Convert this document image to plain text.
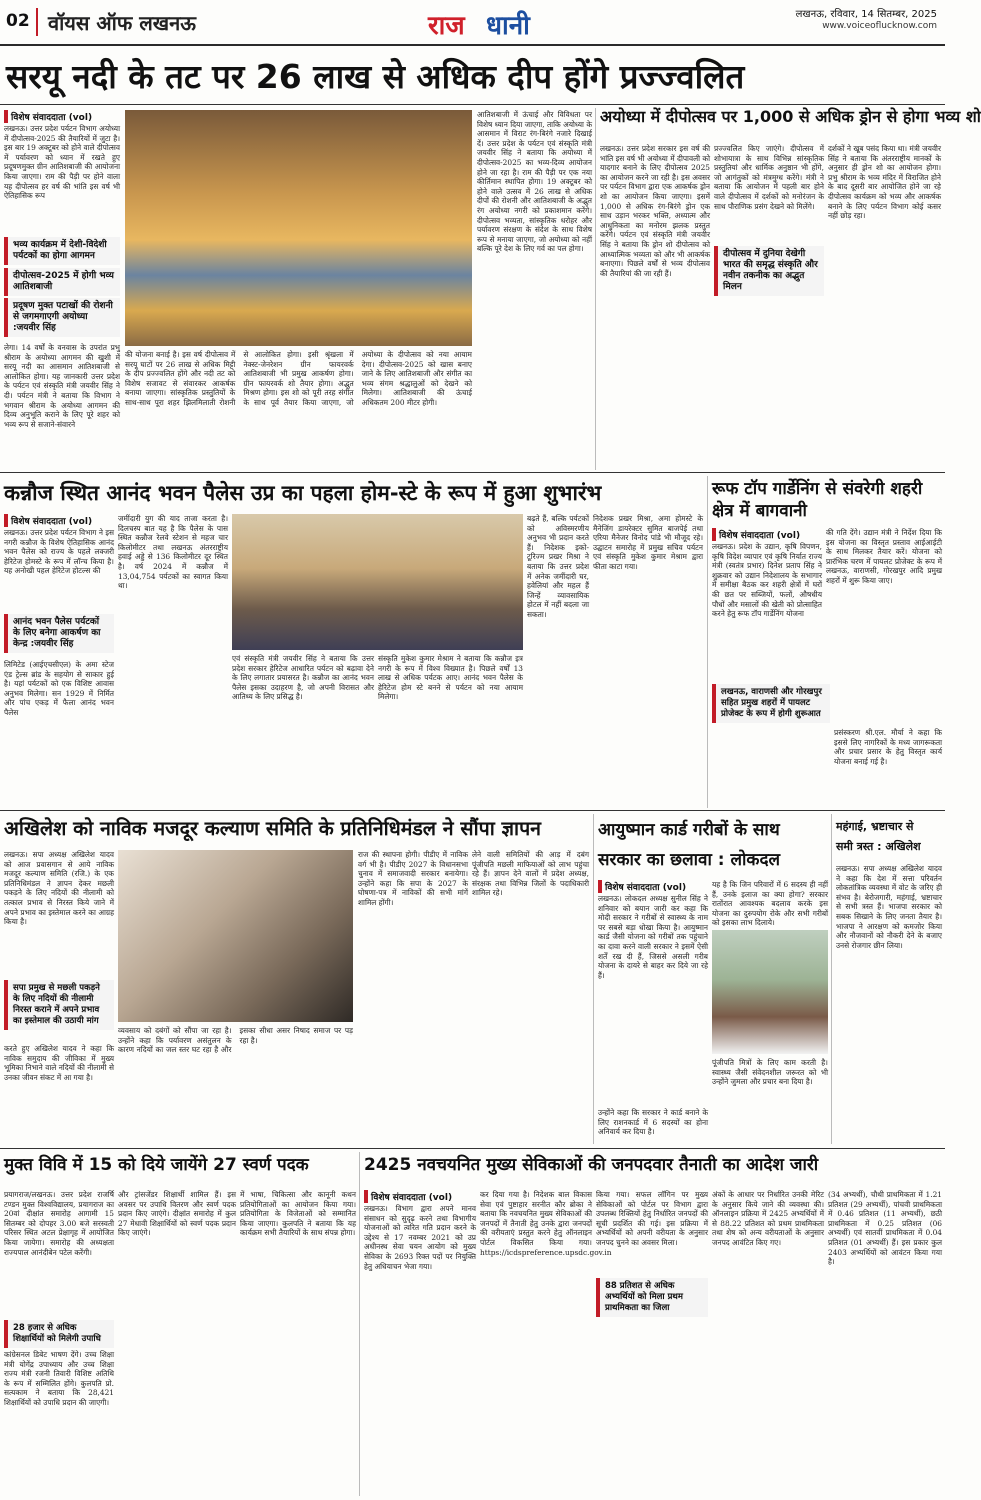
02 वॉयस ऑफ लखनऊ	राज धानी	लखनऊ, रविवार, 14 सितम्बर, 2025
www.voiceoflucknow.com
सरयू नदी के तट पर 26 लाख से अधिक दीप होंगे प्रज्ज्वलित
विशेष संवाददाता (vol)
लखनऊ। उत्तर प्रदेश पर्यटन विभाग अयोध्या में दीपोत्सव-2025 की तैयारियों में जुटा है। इस बार 19 अक्टूबर को होने वाले दीपोत्सव में पर्यावरण को ध्यान में रखते हुए प्रदूषणमुक्त ग्रीन आतिशबाजी की आयोजना किया जाएगा। राम की पैड़ी पर होने वाला यह दीपोत्सव हर वर्ष की भांति इस वर्ष भी ऐतिहासिक रूप
भव्य कार्यक्रम में देशी-विदेशी पर्यटकों का होगा आगमन
दीपोत्सव-2025 में होगी भव्य आतिशबाजी
प्रदूषण मुक्त पटाखों की रोशनी से जगमगाएगी अयोध्या :जयवीर सिंह
लेगा। 14 वर्षों के वनवास के उपरांत प्रभु श्रीराम के अयोध्या आगमन की खुशी में सरयू नदी का आसमान आतिशबाजी से आलोकित होगा। यह जानकारी उत्तर प्रदेश के पर्यटन एवं संस्कृति मंत्री जयवीर सिंह ने दी। पर्यटन मंत्री ने बताया कि विभाग ने भगवान श्रीराम के अयोध्या आगमन की दिव्य अनुभूति कराने के लिए पूरे शहर को भव्य रूप से सजाने-संवारने
की योजना बनाई है। इस वर्ष दीपोत्सव में सरयू घाटों पर 26 लाख से अधिक मिट्टी के दीप प्रज्ज्वलित होंगे और नदी तट को विशेष सजावट से संवारकर आकर्षक बनाया जाएगा। सांस्कृतिक प्रस्तुतियों के साथ-साथ पूरा शहर झिलमिलाती रोशनी से आलोकित होगा। इसी श्रृंखला में नेक्स्ट-जेनरेशन ग्रीन फायरवर्क आतिशबाजी भी प्रमुख आकर्षण होगा। ग्रीन फायरवर्क शो तैयार होगा। अद्भुत मिश्रण होगा। इस शो को पूरी तरह संगीत के साथ पूर्व तैयार किया जाएगा, जो अयोध्या के दीपोत्सव को नया आयाम देगा। दीपोत्सव-2025 को खास बनाए जाने के लिए आतिशबाजी और संगीत का भव्य संगम श्रद्धालुओं को देखने को मिलेगा। आतिशबाजी की ऊंचाई अधिकतम 200 मीटर होगी।
आतिशबाजी में ऊंचाई और विविधता पर विशेष ध्यान दिया जाएगा, ताकि अयोध्या के आसमान में विराट रंग-बिरंगे नजारे दिखाई दें। उत्तर प्रदेश के पर्यटन एवं संस्कृति मंत्री जयवीर सिंह ने बताया कि अयोध्या में दीपोत्सव-2025 का भव्य-दिव्य आयोजन होने जा रहा है। राम की पैड़ी पर एक नया कीर्तिमान स्थापित होगा। 19 अक्टूबर को होने वाले उत्सव में 26 लाख से अधिक दीपों की रोशनी और आतिशबाजी के अद्भुत रंग अयोध्या नगरी को प्रकाशमान करेंगे। दीपोत्सव भव्यता, सांस्कृतिक धरोहर और पर्यावरण संरक्षण के संदेश के साथ विशेष रूप से मनाया जाएगा, जो अयोध्या को नहीं बल्कि पूरे देश के लिए गर्व का पल होगा।
अयोध्या में दीपोत्सव पर 1,000 से अधिक ड्रोन से होगा भव्य शो
लखनऊ। उत्तर प्रदेश सरकार इस वर्ष की भांति इस वर्ष भी अयोध्या में दीपावली को यादगार बनाने के लिए दीपोत्सव 2025 का आयोजन करने जा रही है। इस अवसर पर पर्यटन विभाग द्वारा एक आकर्षक ड्रोन शो का आयोजन किया जाएगा। इसमें 1,000 से अधिक रंग-बिरंगे ड्रोन एक साथ उड़ान भरकर भक्ति, अध्यात्म और आधुनिकता का मनोरम झलक प्रस्तुत करेंगे। पर्यटन एवं संस्कृति मंत्री जयवीर सिंह ने बताया कि ड्रोन शो दीपोत्सव को आध्यात्मिक भव्यता को और भी आकर्षक बनाएगा। पिछले वर्षों से भव्य दीपोत्सव की तैयारियां की जा रही हैं।
प्रज्ज्वलित किए जाएंगे। दीपोत्सव में शोभायात्रा के साथ विभिन्न सांस्कृतिक प्रस्तुतियां और धार्मिक अनुष्ठान भी होंगे, जो आगंतुकों को मंत्रमुग्ध करेंगे। मंत्री ने बताया कि आयोजन में पहली बार होने वाले दीपोत्सव में दर्शकों को मनोरंजन के साथ पौराणिक प्रसंग देखने को मिलेंगे।
दीपोत्सव में दुनिया देखेगी भारत की समृद्ध संस्कृति और नवीन तकनीक का अद्भुत मिलन
दर्शकों ने खूब पसंद किया था। मंत्री जयवीर सिंह ने बताया कि अंतरराष्ट्रीय मानकों के अनुसार ही ड्रोन शो का आयोजन होगा। प्रभु श्रीराम के भव्य मंदिर में विराजित होने के बाद दूसरी बार आयोजित होने जा रहे दीपोत्सव कार्यक्रम को भव्य और आकर्षक बनाने के लिए पर्यटन विभाग कोई कसर नहीं छोड़ रहा।
कन्नौज स्थित आनंद भवन पैलेस उप्र का पहला होम-स्टे के रूप में हुआ शुभारंभ
विशेष संवाददाता (vol)
लखनऊ। उत्तर प्रदेश पर्यटन विभाग ने इस नगरी कन्नौज के विशेष ऐतिहासिक आनंद भवन पैलेस को राज्य के पहले लक्जरी हेरिटेज होमस्टे के रूप में लॉन्च किया है। यह अनोखी पहल हेरिटेज होटल्स की
आनंद भवन पैलेस पर्यटकों के लिए बनेगा आकर्षण का केन्द्र :जयवीर सिंह
लिमिटेड (आईएचसीएल) के अमा स्टेज एंड ट्रेल्स ब्रांड के सहयोग से साकार हुई है। यहां पर्यटकों को एक विशिष्ट आवास अनुभव मिलेगा। सन 1929 में निर्मित और पांच एकड़ में फैला आनंद भवन पैलेस
जमींदारी युग की याद ताजा करता है। दिलचस्प बात यह है कि पैलेस के पास स्थित कन्नौज रेलवे स्टेशन से महज चार किलोमीटर तथा लखनऊ अंतरराष्ट्रीय हवाई अड्डे से 136 किलोमीटर दूर स्थित है। वर्ष 2024 में कन्नौज में 13,04,754 पर्यटकों का स्वागत किया था।
एवं संस्कृति मंत्री जयवीर सिंह ने बताया कि उत्तर प्रदेश सरकार हेरिटेज आधारित पर्यटन को बढ़ावा देने के लिए लगातार प्रयासरत है। कन्नौज का आनंद भवन पैलेस इसका उदाहरण है, जो अपनी विरासत और आतिथ्य के लिए प्रसिद्ध है।
संस्कृति मुकेश कुमार मेश्राम ने बताया कि कन्नौज इत्र नगरी के रूप में विश्व विख्यात है। पिछले वर्षों 13 लाख से अधिक पर्यटक आए। आनंद भवन पैलेस के हेरिटेज होम स्टे बनने से पर्यटन को नया आयाम मिलेगा।
बढ़ते हैं, बल्कि पर्यटकों को अविस्मरणीय अनुभव भी प्रदान करते हैं। निदेशक इको-टूरिज्म प्रखर मिश्रा ने बताया कि उत्तर प्रदेश में अनेक जमींदारी घर, हवेलियां और महल हैं जिन्हें व्यावसायिक होटल में नहीं बदला जा सकता।
निदेशक प्रखर मिश्रा, अमा होमस्टे के मैनेजिंग डायरेक्टर सुमित बाजपेई तथा एरिया मैनेजर विनोद पांडे भी मौजूद रहे। उद्घाटन समारोह में प्रमुख सचिव पर्यटन एवं संस्कृति मुकेश कुमार मेश्राम द्वारा फीता काटा गया।
रूफ टॉप गार्डेनिंग से संवरेगी शहरी क्षेत्र में बागवानी
विशेष संवाददाता (vol)
लखनऊ। प्रदेश के उद्यान, कृषि विपणन, कृषि विदेश व्यापार एवं कृषि निर्यात राज्य मंत्री (स्वतंत्र प्रभार) दिनेश प्रताप सिंह ने शुक्रवार को उद्यान निदेशालय के सभागार में समीक्षा बैठक कर शहरी क्षेत्रों में घरों की छत पर सब्जियों, फलों, औषधीय पौधों और मसालों की खेती को प्रोत्साहित करने हेतु रूफ टॉप गार्डेनिंग योजना
लखनऊ, वाराणसी और गोरखपुर सहित प्रमुख शहरों में पायलट प्रोजेक्ट के रूप में होगी शुरूआत
की गति देंगे। उद्यान मंत्री ने निर्देश दिया कि इस योजना का विस्तृत प्रस्ताव आईआईटी के साथ मिलकर तैयार करें। योजना को प्रारंभिक चरण में पायलट प्रोजेक्ट के रूप में लखनऊ, वाराणसी, गोरखपुर आदि प्रमुख शहरों में शुरू किया जाए।
प्रसंस्करण श्री.एल. मौर्या ने कहा कि इससे लिए नागरिकों के मध्य जागरूकता और प्रचार प्रसार के हेतु विस्तृत कार्य योजना बनाई गई है।
अखिलेश को नाविक मजदूर कल्याण समिति के प्रतिनिधिमंडल ने सौंपा ज्ञापन
लखनऊ। सपा अध्यक्ष अखिलेश यादव को आज प्रवासगान से आये नाविक मजदूर कल्याण समिति (रजि.) के एक प्रतिनिधिमंडल ने ज्ञापन देकर मछली पकड़ने के लिए नदियों की नीलामी को तत्काल प्रभाव से निरस्त किये जाने में अपने प्रभाव का इस्तेमाल करने का आग्रह किया है।
सपा प्रमुख से मछली पकड़ने के लिए नदियों की नीलामी निरस्त कराने में अपने प्रभाव का इस्तेमाल की उठायी मांग
करते हुए अखिलेश यादव ने कहा कि नाविक समुदाय की जीविका में मुख्य भूमिका निभाने वाले नदियों की नीलामी से उनका जीवन संकट में आ गया है।
व्यवसाय को दबंगों को सौंपा जा रहा है। उन्होंने कहा कि पर्यावरण असंतुलन के कारण नदियों का जल स्तर घट रहा है और इसका सीधा असर निषाद समाज पर पड़ रहा है।
राज की स्थापना होगी। पीडीए में नाविक वर्ग भी है। पीडीए 2027 के विधानसभा चुनाव में समाजवादी सरकार बनायेगा। उन्होंने कहा कि सपा के 2027 के घोषणा-पत्र में नाविकों की सभी मांगें शामिल होंगी।
लेने वाली समितियों की आड़ में दबंग पूंजीपति मछली माफियाओं को लाभ पहुंचा रहे हैं। ज्ञापन देने वालों में प्रदेश अध्यक्ष, संरक्षक तथा विभिन्न जिलों के पदाधिकारी शामिल रहे।
आयुष्मान कार्ड गरीबों के साथ
सरकार का छलावा : लोकदल
विशेष संवाददाता (vol)
लखनऊ। लोकदल अध्यक्ष सुनील सिंह ने शनिवार को बयान जारी कर कहा कि मोदी सरकार ने गरीबों से स्वास्थ्य के नाम पर सबसे बड़ा धोखा किया है। आयुष्मान कार्ड जैसी योजना को गरीबों तक पहुंचाने का दावा करने वाली सरकार ने इसमें ऐसी शर्तें रख दी हैं, जिससे असली गरीब योजना के दायरे से बाहर कर दिये जा रहे हैं।
उन्होंने कहा कि सरकार ने कार्ड बनाने के लिए राशनकार्ड में 6 सदस्यों का होना अनिवार्य कर दिया है।
यह है कि जिन परिवारों में 6 सदस्य ही नहीं हैं, उनके इलाज का क्या होगा? सरकार रातोंरात आवश्यक बदलाव करके इस योजना का दुरुपयोग रोके और सभी गरीबों को इसका लाभ दिलाये।
पूंजीपति मित्रों के लिए काम करती है। स्वास्थ्य जैसी संवेदनशील जरूरत को भी उन्होंने जुमला और प्रचार बना दिया है।
महंगाई, भ्रष्टाचार से
समी त्रस्त : अखिलेश
लखनऊ। सपा अध्यक्ष अखिलेश यादव ने कहा कि देश में सत्ता परिवर्तन लोकतांत्रिक व्यवस्था में वोट के जरिए ही संभव है। बेरोजगारी, महंगाई, भ्रष्टाचार से सभी त्रस्त हैं। भाजपा सरकार को सबक सिखाने के लिए जनता तैयार है। भाजपा ने आरक्षण को कमजोर किया और नौजवानों को नौकरी देने के बजाए उनसे रोजगार छीन लिया।
मुक्त विवि में 15 को दिये जायेंगे 27 स्वर्ण पदक
प्रयागराज/लखनऊ। उत्तर प्रदेश राजर्षि टण्डन मुक्त विश्वविद्यालय, प्रयागराज का 20वां दीक्षांत समारोह आगामी 15 सितम्बर को दोपहर 3.00 बजे सरस्वती परिसर स्थित अटल प्रेक्षागृह में आयोजित किया जायेगा। समारोह की अध्यक्षता राज्यपाल आनंदीबेन पटेल करेंगी।
28 हजार से अधिक शिक्षार्थियों को मिलेगी उपाधि
कांग्रेसनल डिबेट भाषण देंगे। उच्च शिक्षा मंत्री योगेंद्र उपाध्याय और उच्च शिक्षा राज्य मंत्री रजनी तिवारी विशिष्ट अतिथि के रूप में सम्मिलित होंगे। कुलपति प्रो. सत्यकाम ने बताया कि 28,421 शिक्षार्थियों को उपाधि प्रदान की जाएगी।
और ट्रांसजेंडर शिक्षार्थी शामिल हैं। इस अवसर पर उपाधि वितरण और स्वर्ण पदक प्रदान किए जाएंगे। दीक्षांत समारोह में कुल 27 मेधावी शिक्षार्थियों को स्वर्ण पदक प्रदान किए जाएंगे।
में भाषा, चिकित्सा और कानूनी कथन प्रतियोगिताओं का आयोजन किया गया। प्रतियोगिता के विजेताओं को सम्मानित किया जाएगा। कुलपति ने बताया कि यह कार्यक्रम सभी तैयारियों के साथ संपन्न होगा।
2425 नवचयनित मुख्य सेविकाओं की जनपदवार तैनाती का आदेश जारी
विशेष संवाददाता (vol)
लखनऊ। विभाग द्वारा अपने मानव संसाधन को सुदृढ़ करने तथा विभागीय योजनाओं को त्वरित गति प्रदान करने के उद्देश्य से 17 नवम्बर 2021 को उप्र अधीनस्थ सेवा चयन आयोग को मुख्य सेविका के 2693 रिक्त पदों पर नियुक्ति हेतु अधियाचन भेजा गया।
कर दिया गया है। निदेशक बाल विकास सेवा एवं पुष्टाहार सरनीत कौर ब्रोका ने बताया कि नवचयनित मुख्य सेविकाओं की जनपदों में तैनाती हेतु उनके द्वारा जनपदों की वरीयताएं प्रस्तुत करने हेतु ऑनलाइन पोर्टल विकसित किया गया। https://icdspreference.upsdc.gov.in
किया गया। सफल लॉगिन पर मुख्य सेविकाओं को पोर्टल पर विभाग द्वारा उपलब्ध रिक्तियों हेतु निर्धारित जनपदों की सूची प्रदर्शित की गई। इस प्रक्रिया में अभ्यर्थियों को अपनी वरीयता के अनुसार जनपद चुनने का अवसर मिला।
88 प्रतिशत से अधिक अभ्यर्थियों को मिला प्रथम प्राथमिकता का जिला
अंकों के आधार पर निर्धारित उनकी मेरिट के अनुसार किये जाने की व्यवस्था की। ऑनलाइन प्रक्रिया में 2425 अभ्यर्थियों में से 88.22 प्रतिशत को प्रथम प्राथमिकता तथा शेष को अन्य वरीयताओं के अनुसार जनपद आवंटित किए गए।
(34 अभ्यर्थी), चौथी प्राथमिकता में 1.21 प्रतिशत (29 अभ्यर्थी), पांचवी प्राथमिकता में 0.46 प्रतिशत (11 अभ्यर्थी), छठी प्राथमिकता में 0.25 प्रतिशत (06 अभ्यर्थी) एवं सातवीं प्राथमिकता में 0.04 प्रतिशत (01 अभ्यर्थी) हैं। इस प्रकार कुल 2403 अभ्यर्थियों को आवंटन किया गया है।
